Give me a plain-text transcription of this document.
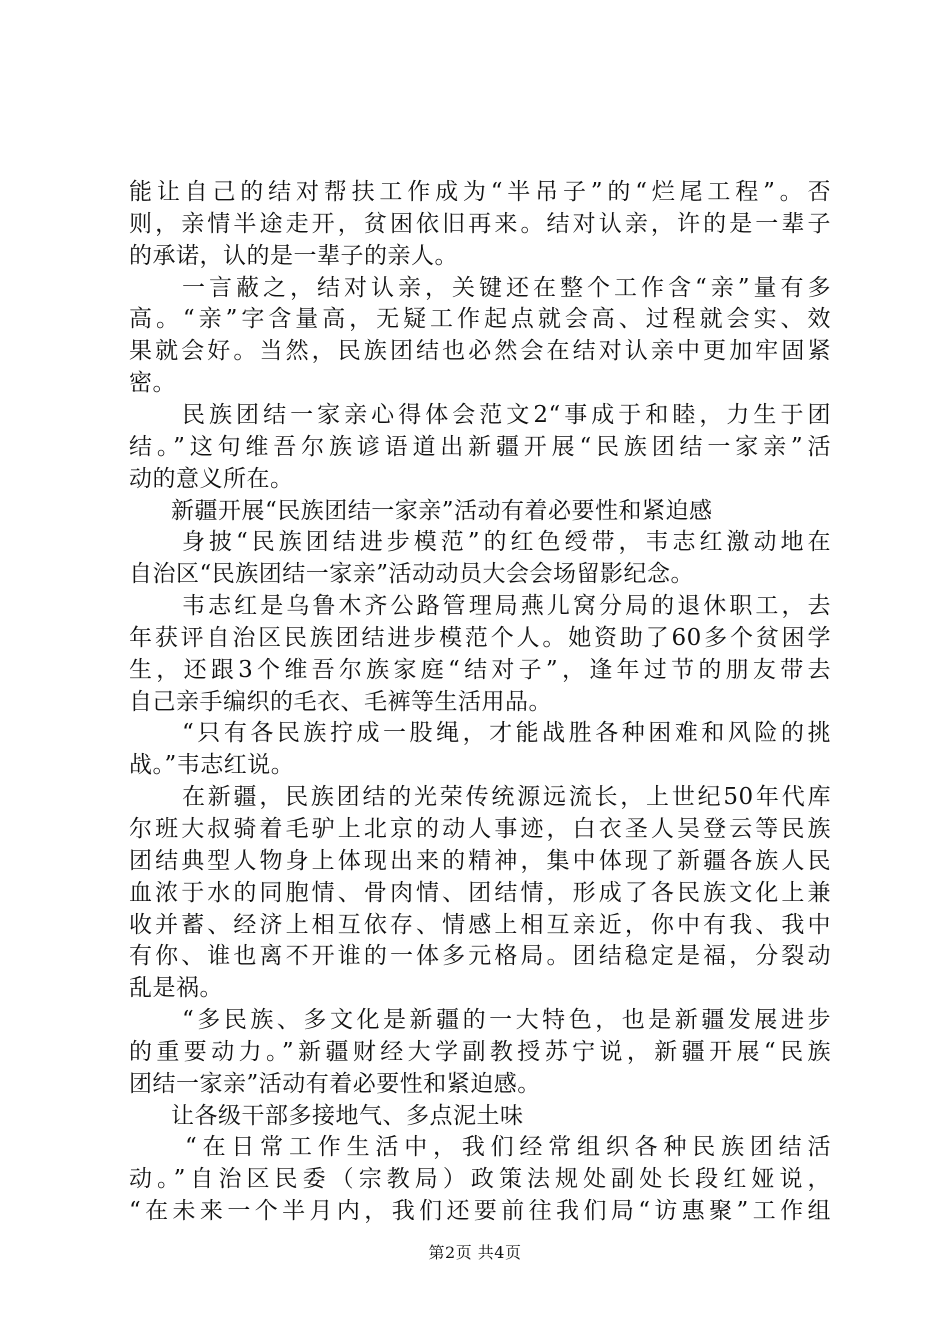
能让自己的结对帮扶工作成为“半吊子”的“烂尾工程”。否
则，亲情半途走开，贫困依旧再来。结对认亲，许的是一辈子
的承诺，认的是一辈子的亲人。
一言蔽之，结对认亲，关键还在整个工作含“亲”量有多
高。“亲”字含量高，无疑工作起点就会高、过程就会实、效
果就会好。当然，民族团结也必然会在结对认亲中更加牢固紧
密。
民族团结一家亲心得体会范文2“事成于和睦，力生于团
结。”这句维吾尔族谚语道出新疆开展“民族团结一家亲”活
动的意义所在。
新疆开展“民族团结一家亲”活动有着必要性和紧迫感
身披“民族团结进步模范”的红色绶带，韦志红激动地在
自治区“民族团结一家亲”活动动员大会会场留影纪念。
韦志红是乌鲁木齐公路管理局燕儿窝分局的退休职工，去
年获评自治区民族团结进步模范个人。她资助了60多个贫困学
生，还跟3个维吾尔族家庭“结对子”，逢年过节的朋友带去
自己亲手编织的毛衣、毛裤等生活用品。
“只有各民族拧成一股绳，才能战胜各种困难和风险的挑
战。”韦志红说。
在新疆，民族团结的光荣传统源远流长，上世纪50年代库
尔班大叔骑着毛驴上北京的动人事迹，白衣圣人吴登云等民族
团结典型人物身上体现出来的精神，集中体现了新疆各族人民
血浓于水的同胞情、骨肉情、团结情，形成了各民族文化上兼
收并蓄、经济上相互依存、情感上相互亲近，你中有我、我中
有你、谁也离不开谁的一体多元格局。团结稳定是福，分裂动
乱是祸。
“多民族、多文化是新疆的一大特色，也是新疆发展进步
的重要动力。”新疆财经大学副教授苏宁说，新疆开展“民族
团结一家亲”活动有着必要性和紧迫感。
让各级干部多接地气、多点泥土味
“在日常工作生活中，我们经常组织各种民族团结活
动。”自治区民委（宗教局）政策法规处副处长段红娅说，
“在未来一个半月内，我们还要前往我们局“访惠聚”工作组
第2页 共4页
